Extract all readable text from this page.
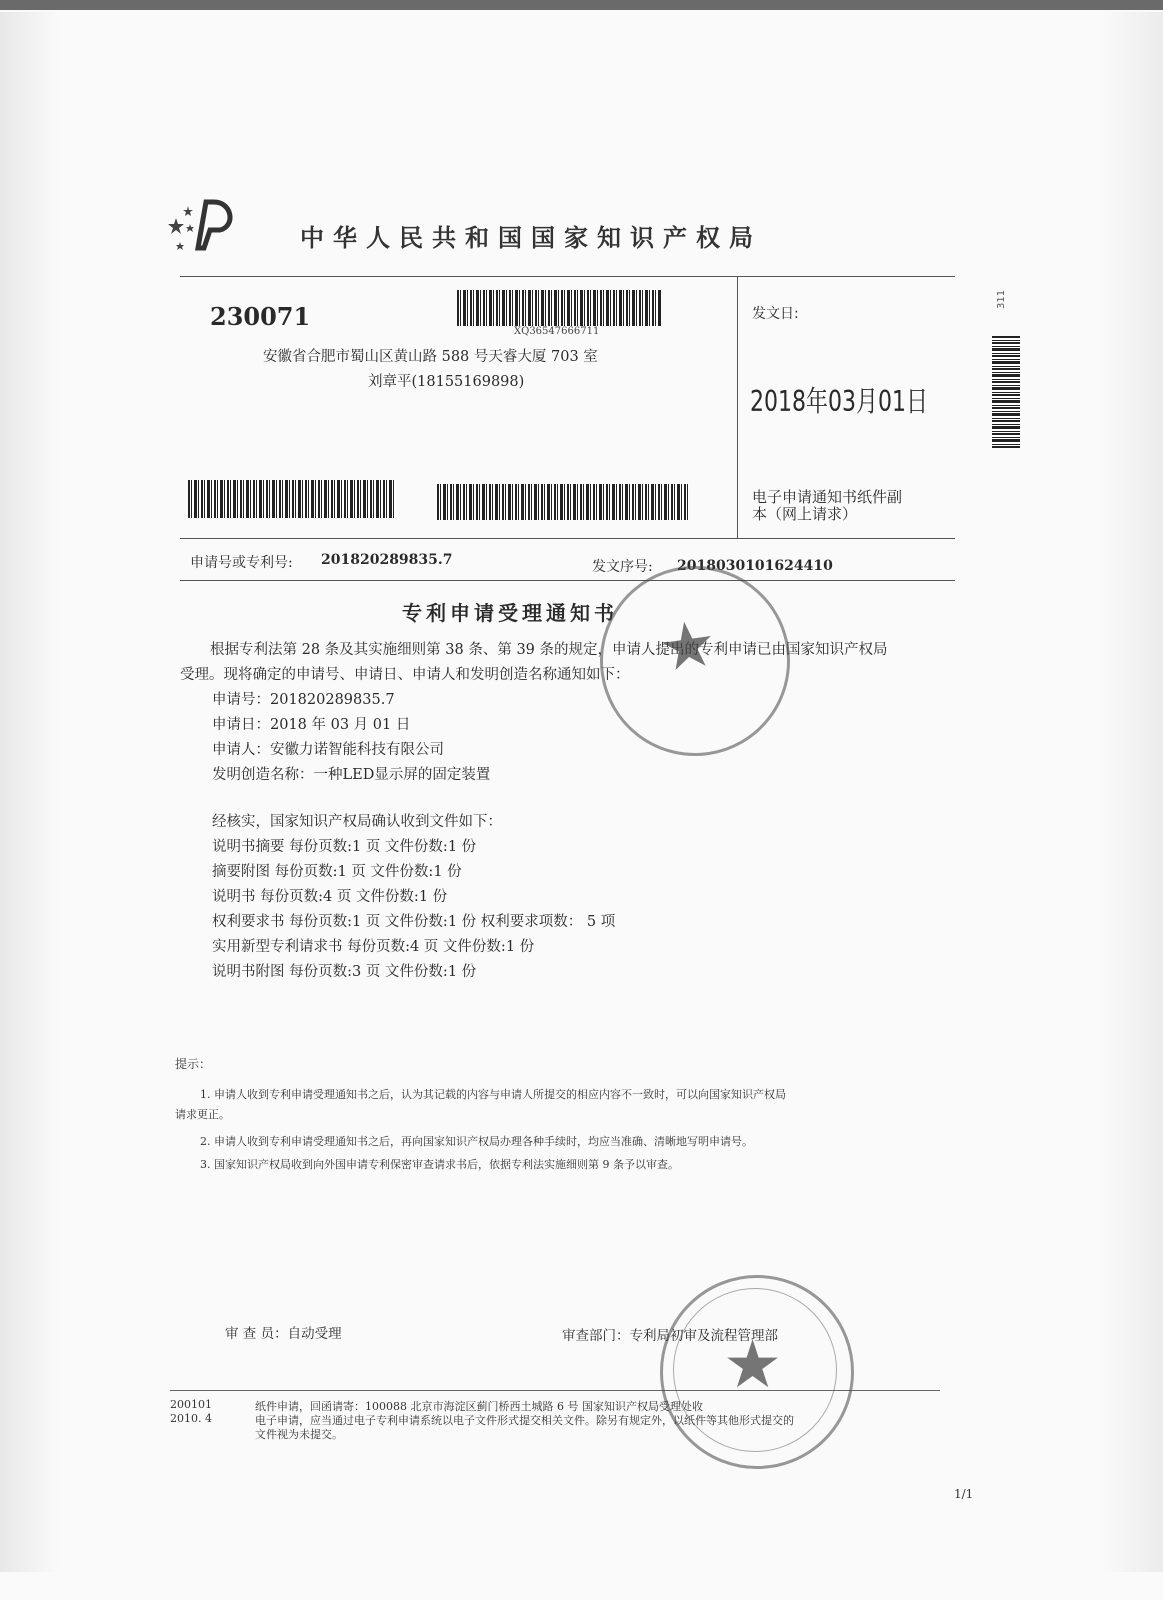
中华人民共和国国家知识产权局
230071
XQ36547666711
安徽省合肥市蜀山区黄山路 588 号天睿大厦 703 室
刘章平(18155169898)
发文日:
2018年03月01日
电子申请通知书纸件副
本（网上请求）
311
申请号或专利号: 201820289835.7	发文序号: 2018030101624410
专利申请受理通知书
根据专利法第 28 条及其实施细则第 38 条、第 39 条的规定，申请人提出的专利申请已由国家知识产权局
受理。现将确定的申请号、申请日、申请人和发明创造名称通知如下：
申请号：201820289835.7
申请日：2018 年 03 月 01 日
申请人：安徽力诺智能科技有限公司
发明创造名称：一种LED显示屏的固定装置
经核实，国家知识产权局确认收到文件如下：
说明书摘要 每份页数:1 页 文件份数:1 份
摘要附图 每份页数:1 页 文件份数:1 份
说明书 每份页数:4 页 文件份数:1 份
权利要求书 每份页数:1 页 文件份数:1 份 权利要求项数： 5 项
实用新型专利请求书 每份页数:4 页 文件份数:1 份
说明书附图 每份页数:3 页 文件份数:1 份
提示：
1. 申请人收到专利申请受理通知书之后，认为其记载的内容与申请人所提交的相应内容不一致时，可以向国家知识产权局
请求更正。
2. 申请人收到专利申请受理通知书之后，再向国家知识产权局办理各种手续时，均应当准确、清晰地写明申请号。
3. 国家知识产权局收到向外国申请专利保密审查请求书后，依据专利法实施细则第 9 条予以审查。
审 查 员：自动受理	审查部门：专利局初审及流程管理部
200101
2010. 4
纸件申请，回函请寄：100088 北京市海淀区蓟门桥西土城路 6 号 国家知识产权局受理处收
电子申请，应当通过电子专利申请系统以电子文件形式提交相关文件。除另有规定外，以纸件等其他形式提交的
文件视为未提交。
1/1
★
★
